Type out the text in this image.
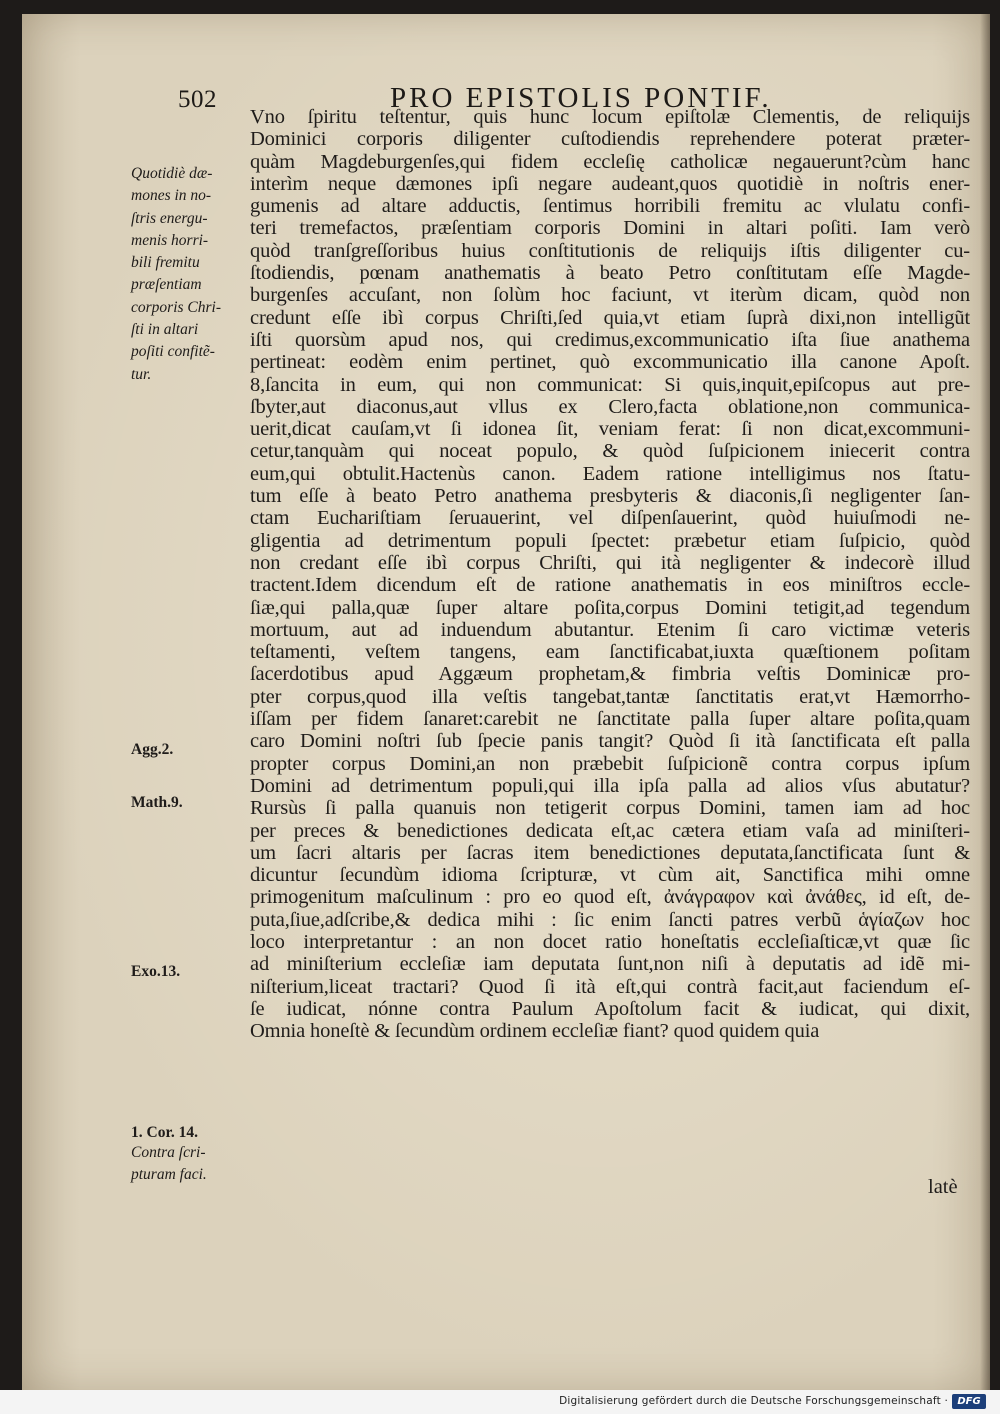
502	PRO EPISTOLIS PONTIF.
Vno ſpiritu teſtentur, quis hunc locum epiſtolæ Clementis, de reliquijs
Dominici corporis diligenter cuſtodiendis reprehendere poterat præter-
quàm Magdeburgenſes,qui fidem eccleſię catholicæ negauerunt?cùm hanc
interìm neque dæmones ipſi negare audeant,quos quotidiè in noſtris ener-
gumenis ad altare adductis, ſentimus horribili fremitu ac vlulatu confi-
teri tremefactos, præſentiam corporis Domini in altari poſiti. Iam verò
quòd tranſgreſſoribus huius conſtitutionis de reliquijs iſtis diligenter cu-
ſtodiendis, pœnam anathematis à beato Petro conſtitutam eſſe Magde-
burgenſes accuſant, non ſolùm hoc faciunt, vt iterùm dicam, quòd non
credunt eſſe ibì corpus Chriſti,ſed quia,vt etiam ſuprà dixi,non intelligũt
iſti quorsùm apud nos, qui credimus,excommunicatio iſta ſiue anathema
pertineat: eodèm enim pertinet, quò excommunicatio illa canone Apoſt.
8,ſancita in eum, qui non communicat: Si quis,inquit,epiſcopus aut pre-
ſbyter,aut diaconus,aut vllus ex Clero,facta oblatione,non communica-
uerit,dicat cauſam,vt ſi idonea ſit, veniam ferat: ſi non dicat,excommuni-
cetur,tanquàm qui noceat populo, & quòd ſuſpicionem iniecerit contra
eum,qui obtulit.Hactenùs canon. Eadem ratione intelligimus nos ſtatu-
tum eſſe à beato Petro anathema presbyteris & diaconis,ſi negligenter ſan-
ctam Euchariſtiam ſeruauerint, vel diſpenſauerint, quòd huiuſmodi ne-
gligentia ad detrimentum populi ſpectet: præbetur etiam ſuſpicio, quòd
non credant eſſe ibì corpus Chriſti, qui ità negligenter & indecorè illud
tractent.Idem dicendum eſt de ratione anathematis in eos miniſtros eccle-
ſiæ,qui palla,quæ ſuper altare poſita,corpus Domini tetigit,ad tegendum
mortuum, aut ad induendum abutantur. Etenim ſi caro victimæ veteris
teſtamenti, veſtem tangens, eam ſanctificabat,iuxta quæſtionem poſitam
ſacerdotibus apud Aggæum prophetam,& fimbria veſtis Dominicæ pro-
pter corpus,quod illa veſtis tangebat,tantæ ſanctitatis erat,vt Hæmorrho-
iſſam per fidem ſanaret:carebit ne ſanctitate palla ſuper altare poſita,quam
caro Domini noſtri ſub ſpecie panis tangit? Quòd ſi ità ſanctificata eſt palla
propter corpus Domini,an non præbebit ſuſpicionẽ contra corpus ipſum
Domini ad detrimentum populi,qui illa ipſa palla ad alios vſus abutatur?
Rursùs ſi palla quanuis non tetigerit corpus Domini, tamen iam ad hoc
per preces & benedictiones dedicata eſt,ac cætera etiam vaſa ad miniſteri-
um ſacri altaris per ſacras item benedictiones deputata,ſanctificata ſunt &
dicuntur ſecundùm idioma ſcripturæ, vt cùm ait, Sanctifica mihi omne
primogenitum maſculinum : pro eo quod eſt, ἀνάγραφον καὶ ἀνάθες, id eſt, de-
puta,ſiue,adſcribe,& dedica mihi : ſic enim ſancti patres verbũ ἁγίαζων hoc
loco interpretantur : an non docet ratio honeſtatis eccleſiaſticæ,vt quæ ſic
ad miniſterium eccleſiæ iam deputata ſunt,non niſi à deputatis ad idẽ mi-
niſterium,liceat tractari? Quod ſi ità eſt,qui contrà facit,aut faciendum eſ-
ſe iudicat, nónne contra Paulum Apoſtolum facit & iudicat, qui dixit,
Omnia honeſtè & ſecundùm ordinem eccleſiæ fiant? quod quidem quia
Quotidiè dæ-
mones in no-
ſtris energu-
menis horri-
bili fremitu
præſentiam
corporis Chri-
ſti in altari
poſiti confitẽ-
tur.
Agg.2.
Math.9.
Exo.13.
1. Cor. 14.
Contra ſcri-
pturam faci.
latè
Digitalisierung gefördert durch die Deutsche Forschungsgemeinschaft · DFG
